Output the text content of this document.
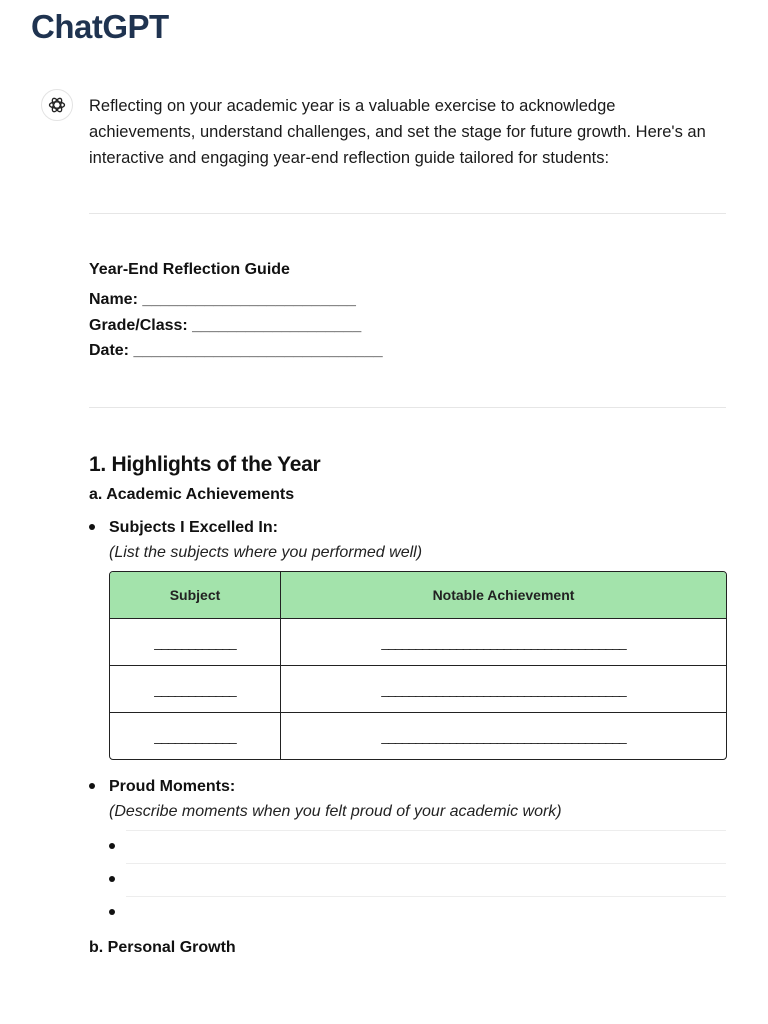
ChatGPT

Reflecting on your academic year is a valuable exercise to acknowledge achievements, understand challenges, and set the stage for future growth. Here's an interactive and engaging year-end reflection guide tailored for students:

Year-End Reflection Guide

Name: ________________________

Grade/Class: ___________________

Date: ____________________________

1. Highlights of the Year

a. Academic Achievements

Subjects I Excelled In:
(List the subjects where you performed well)
Subject	Notable Achievement
____________	____________________________________
____________	____________________________________
____________	____________________________________
Proud Moments:
(Describe moments when you felt proud of your academic work)

b. Personal Growth
